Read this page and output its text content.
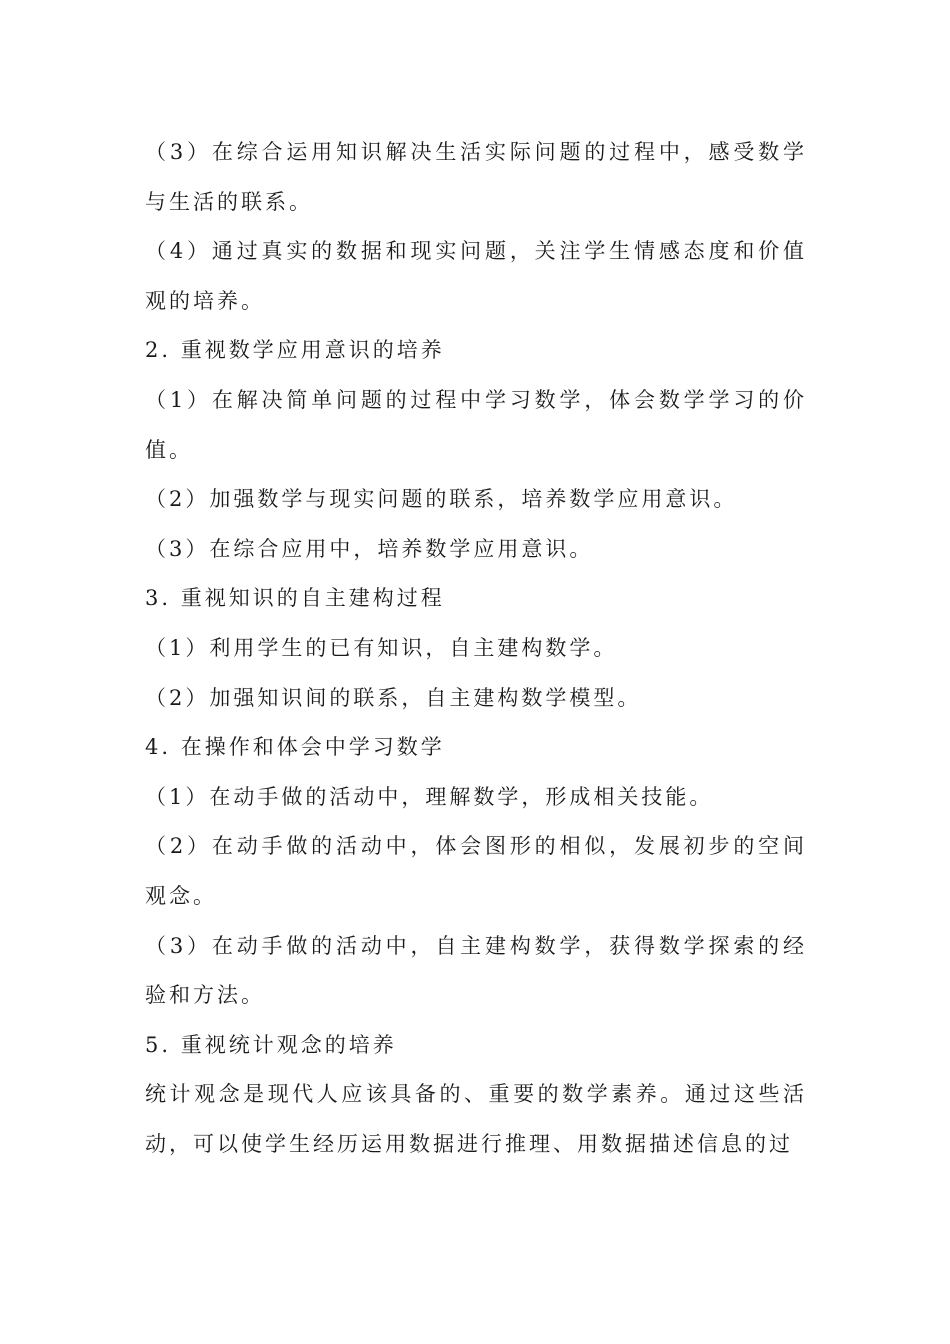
（3）在综合运用知识解决生活实际问题的过程中，感受数学与生活的联系。

（4）通过真实的数据和现实问题，关注学生情感态度和价值观的培养。

2. 重视数学应用意识的培养

（1）在解决简单问题的过程中学习数学，体会数学学习的价值。

（2）加强数学与现实问题的联系，培养数学应用意识。

（3）在综合应用中，培养数学应用意识。

3. 重视知识的自主建构过程

（1）利用学生的已有知识，自主建构数学。

（2）加强知识间的联系，自主建构数学模型。

4. 在操作和体会中学习数学

（1）在动手做的活动中，理解数学，形成相关技能。

（2）在动手做的活动中，体会图形的相似，发展初步的空间观念。

（3）在动手做的活动中，自主建构数学，获得数学探索的经验和方法。

5. 重视统计观念的培养

统计观念是现代人应该具备的、重要的数学素养。通过这些活动，可以使学生经历运用数据进行推理、用数据描述信息的过
